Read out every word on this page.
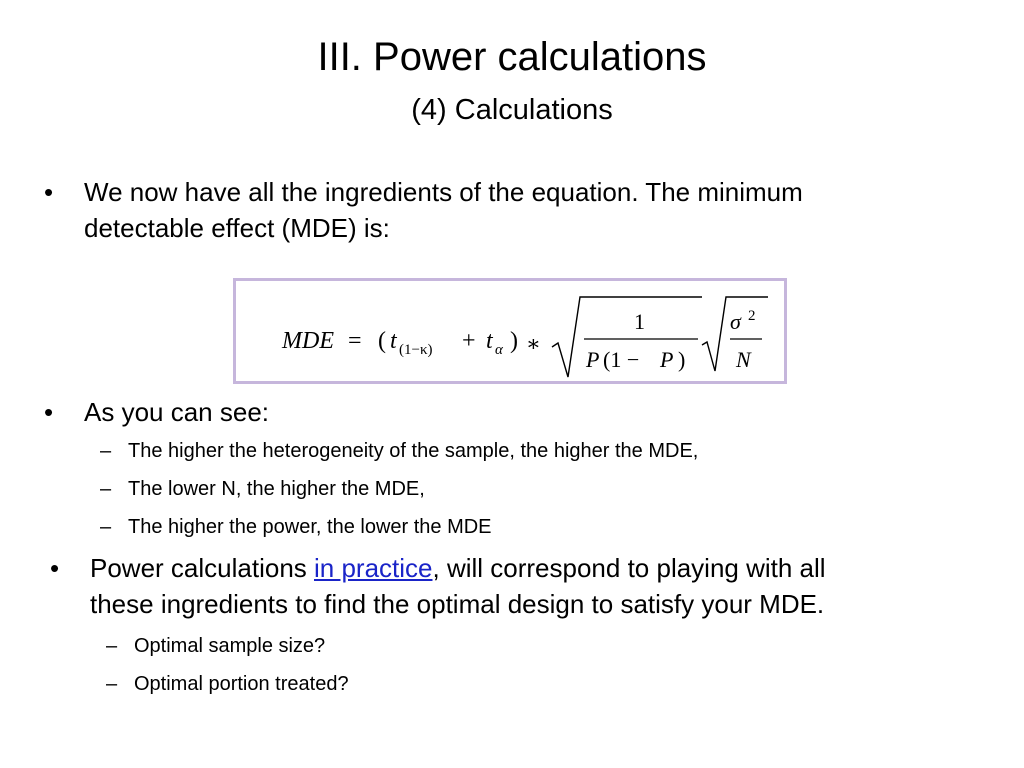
III. Power calculations
(4) Calculations
• We now have all the ingredients of the equation. The minimum
detectable effect (MDE) is:
MDE = ( t (1−κ) + t α ) ∗
1
P (1 − P )
σ 2
N
• As you can see:
– The higher the heterogeneity of the sample, the higher the MDE,
– The lower N, the higher the MDE,
– The higher the power, the lower the MDE
• Power calculations in practice, will correspond to playing with all
these ingredients to find the optimal design to satisfy your MDE.
– Optimal sample size?
– Optimal portion treated?
